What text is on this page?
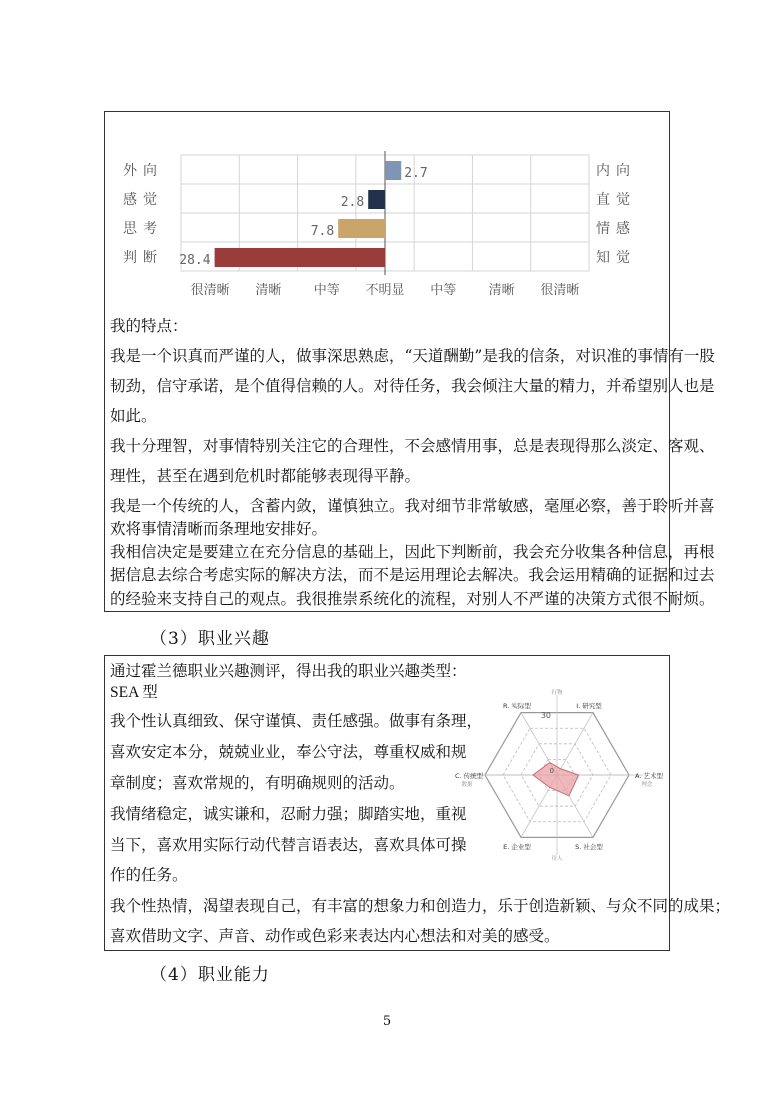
2.7
外向	内向
2.8
感觉	直觉
7.8
思考	情感
28.4
判断	知觉
很清晰 清晰 中等 不明显 中等 清晰 很清晰
我的特点：
我是一个识真而严谨的人，做事深思熟虑，“天道酬勤”是我的信条，对识准的事情有一股
韧劲，信守承诺，是个值得信赖的人。对待任务，我会倾注大量的精力，并希望别人也是
如此。
我十分理智，对事情特别关注它的合理性，不会感情用事，总是表现得那么淡定、客观、
理性，甚至在遇到危机时都能够表现得平静。
我是一个传统的人，含蓄内敛，谨慎独立。我对细节非常敏感，毫厘必察，善于聆听并喜
欢将事情清晰而条理地安排好。
我相信决定是要建立在充分信息的基础上，因此下判断前，我会充分收集各种信息，再根
据信息去综合考虑实际的解决方法，而不是运用理论去解决。我会运用精确的证据和过去
的经验来支持自己的观点。我很推崇系统化的流程，对别人不严谨的决策方式很不耐烦。
（3）职业兴趣
通过霍兰德职业兴趣测评，得出我的职业兴趣类型：
SEA 型
我个性认真细致、保守谨慎、责任感强。做事有条理，
喜欢安定本分，兢兢业业，奉公守法，尊重权威和规
章制度；喜欢常规的，有明确规则的活动。
我情绪稳定，诚实谦和，忍耐力强；脚踏实地，重视
当下，喜欢用实际行动代替言语表达，喜欢具体可操
作的任务。
我个性热情，渴望表现自己，有丰富的想象力和创造力，乐于创造新颖、与众不同的成果；
喜欢借助文字、声音、动作或色彩来表达内心想法和对美的感受。
R. 实际型	I. 研究型
A. 艺术型
S. 社会型
E. 企业型
C. 传统型
30
0
打物
待人
数据	理念
（4）职业能力
5
